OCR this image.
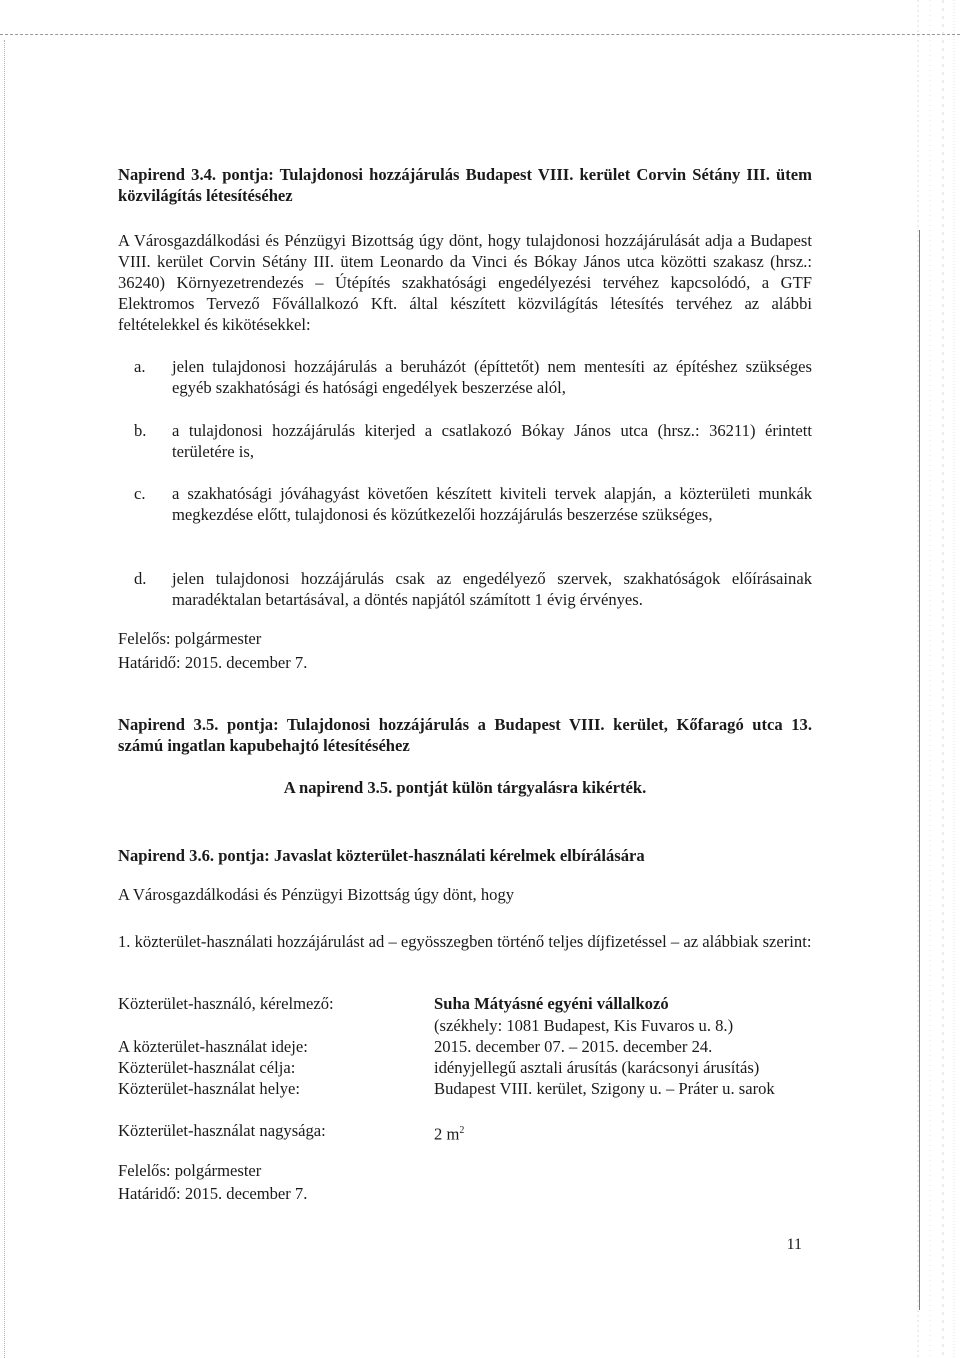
Napirend 3.4. pontja: Tulajdonosi hozzájárulás Budapest VIII. kerület Corvin Sétány III. ütem közvilágítás létesítéséhez
A Városgazdálkodási és Pénzügyi Bizottság úgy dönt, hogy tulajdonosi hozzájárulását adja a Budapest VIII. kerület Corvin Sétány III. ütem Leonardo da Vinci és Bókay János utca közötti szakasz (hrsz.: 36240) Környezetrendezés – Útépítés szakhatósági engedélyezési tervéhez kapcsolódó, a GTF Elektromos Tervező Fővállalkozó Kft. által készített közvilágítás létesítés tervéhez az alábbi feltételekkel és kikötésekkel:
a. jelen tulajdonosi hozzájárulás a beruházót (építtetőt) nem mentesíti az építéshez szükséges egyéb szakhatósági és hatósági engedélyek beszerzése alól,
b. a tulajdonosi hozzájárulás kiterjed a csatlakozó Bókay János utca (hrsz.: 36211) érintett területére is,
c. a szakhatósági jóváhagyást követően készített kiviteli tervek alapján, a közterületi munkák megkezdése előtt, tulajdonosi és közútkezelői hozzájárulás beszerzése szükséges,
d. jelen tulajdonosi hozzájárulás csak az engedélyező szervek, szakhatóságok előírásainak maradéktalan betartásával, a döntés napjától számított 1 évig érvényes.
Felelős: polgármester
Határidő: 2015. december 7.
Napirend 3.5. pontja: Tulajdonosi hozzájárulás a Budapest VIII. kerület, Kőfaragó utca 13. számú ingatlan kapubehajtó létesítéséhez
A napirend 3.5. pontját külön tárgyalásra kikérték.
Napirend 3.6. pontja: Javaslat közterület-használati kérelmek elbírálására
A Városgazdálkodási és Pénzügyi Bizottság úgy dönt, hogy
1. közterület-használati hozzájárulást ad – egyösszegben történő teljes díjfizetéssel – az alábbiak szerint:
Közterület-használó, kérelmező:	Suha Mátyásné egyéni vállalkozó
(székhely: 1081 Budapest, Kis Fuvaros u. 8.)
A közterület-használat ideje:	2015. december 07. – 2015. december 24.
Közterület-használat célja:	idényjellegű asztali árusítás (karácsonyi árusítás)
Közterület-használat helye:	Budapest VIII. kerület, Szigony u. – Práter u. sarok
Közterület-használat nagysága:	2 $m^2$
Felelős: polgármester
Határidő: 2015. december 7.
11
